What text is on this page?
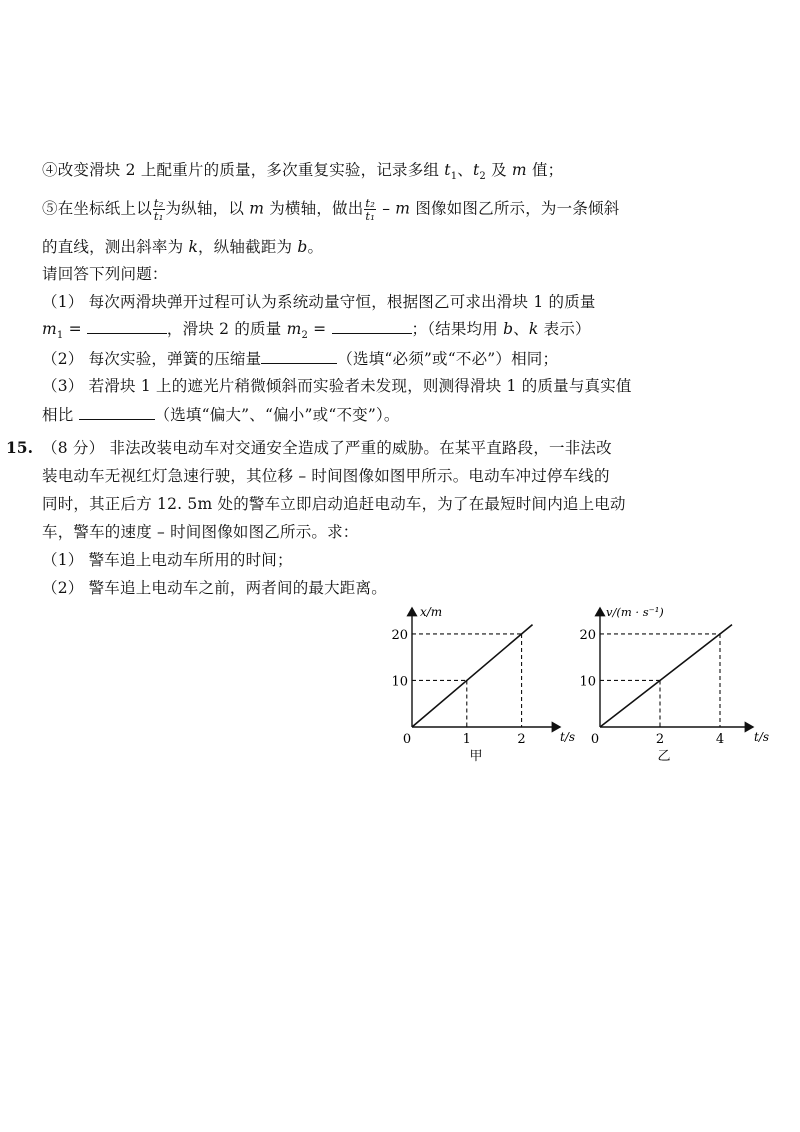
④改变滑块 2 上配重片的质量，多次重复实验，记录多组 $t_1$、$t_2$ 及 m 值；
⑤在坐标纸上以 $\frac{\text{t₂}}{\text{t₁}}$ 为纵轴，以 m 为横轴，做出 $\frac{\text{t₂}}{\text{t₁}}$ – m 图像如图乙所示，为一条倾斜
的直线，测出斜率为 k，纵轴截距为 b。
请回答下列问题：
（1） 每次两滑块弹开过程可认为系统动量守恒，根据图乙可求出滑块 1 的质量
$m_1$ =	，滑块 2 的质量 $m_2$ =	；（结果均用 b、k 表示）
（2） 每次实验，弹簧的压缩量	（选填“必须”或“不必”）相同；
（3） 若滑块 1 上的遮光片稍微倾斜而实验者未发现，则测得滑块 1 的质量与真实值
相比	（选填“偏大”、“偏小”或“不变”）。
15. （8 分） 非法改装电动车对交通安全造成了严重的威胁。在某平直路段，一非法改
装电动车无视红灯急速行驶，其位移 – 时间图像如图甲所示。电动车冲过停车线的
同时，其正后方 12. 5m 处的警车立即启动追赶电动车，为了在最短时间内追上电动
车，警车的速度 – 时间图像如图乙所示。求：
（1） 警车追上电动车所用的时间；
（2） 警车追上电动车之前，两者间的最大距离。
x/m
t/s
0	1	2
10
20
甲
v/(m · s⁻¹)
t/s
0	2	4
10
20
乙
